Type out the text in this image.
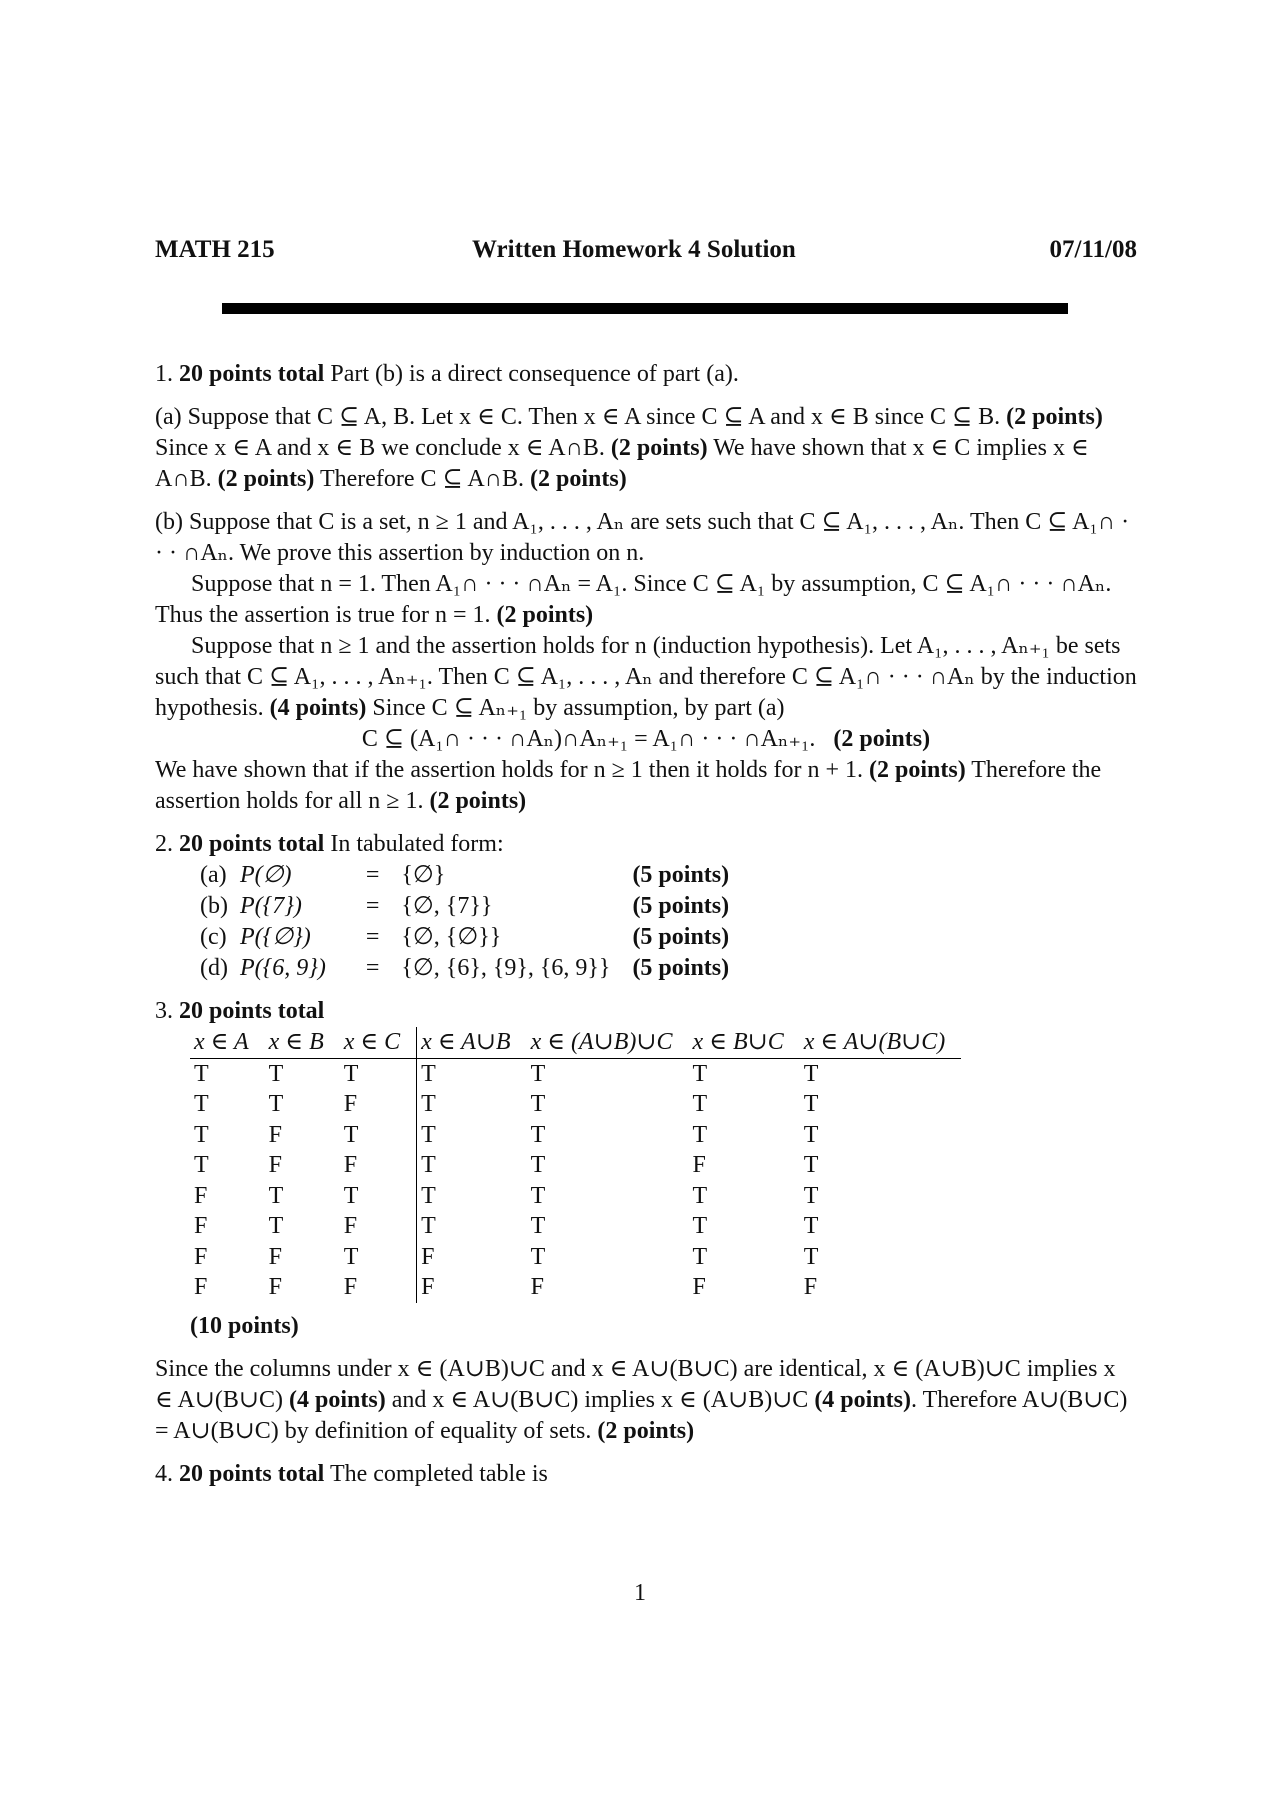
MATH 215	Written Homework 4 Solution	07/11/08

1. 20 points total Part (b) is a direct consequence of part (a).

(a) Suppose that C ⊆ A, B. Let x ∈ C. Then x ∈ A since C ⊆ A and x ∈ B since C ⊆ B. (2 points) Since x ∈ A and x ∈ B we conclude x ∈ A∩B. (2 points) We have shown that x ∈ C implies x ∈ A∩B. (2 points) Therefore C ⊆ A∩B. (2 points)

(b) Suppose that C is a set, n ≥ 1 and A₁, . . . , Aₙ are sets such that C ⊆ A₁, . . . , Aₙ. Then C ⊆ A₁∩ · · · ∩Aₙ. We prove this assertion by induction on n.

Suppose that n = 1. Then A₁∩ · · · ∩Aₙ = A₁. Since C ⊆ A₁ by assumption, C ⊆ A₁∩ · · · ∩Aₙ. Thus the assertion is true for n = 1. (2 points)

Suppose that n ≥ 1 and the assertion holds for n (induction hypothesis). Let A₁, . . . , Aₙ₊₁ be sets such that C ⊆ A₁, . . . , Aₙ₊₁. Then C ⊆ A₁, . . . , Aₙ and therefore C ⊆ A₁∩ · · · ∩Aₙ by the induction hypothesis. (4 points) Since C ⊆ Aₙ₊₁ by assumption, by part (a)

C ⊆ (A₁∩ · · · ∩Aₙ)∩Aₙ₊₁ = A₁∩ · · · ∩Aₙ₊₁. (2 points)

We have shown that if the assertion holds for n ≥ 1 then it holds for n + 1. (2 points) Therefore the assertion holds for all n ≥ 1. (2 points)

2. 20 points total In tabulated form:

(a)	P(∅)	=	{∅}	(5 points)
(b)	P({7})	=	{∅, {7}}	(5 points)
(c)	P({∅})	=	{∅, {∅}}	(5 points)
(d)	P({6, 9})	=	{∅, {6}, {9}, {6, 9}}	(5 points)

3. 20 points total

x ∈ A	x ∈ B	x ∈ C	x ∈ A∪B	x ∈ (A∪B)∪C	x ∈ B∪C	x ∈ A∪(B∪C)
T	T	T	T	T	T	T
T	T	F	T	T	T	T
T	F	T	T	T	T	T
T	F	F	T	T	F	T
F	T	T	T	T	T	T
F	T	F	T	T	T	T
F	F	T	F	T	T	T
F	F	F	F	F	F	F

(10 points)

Since the columns under x ∈ (A∪B)∪C and x ∈ A∪(B∪C) are identical, x ∈ (A∪B)∪C implies x ∈ A∪(B∪C) (4 points) and x ∈ A∪(B∪C) implies x ∈ (A∪B)∪C (4 points). Therefore A∪(B∪C) = A∪(B∪C) by definition of equality of sets. (2 points)

4. 20 points total The completed table is

1
